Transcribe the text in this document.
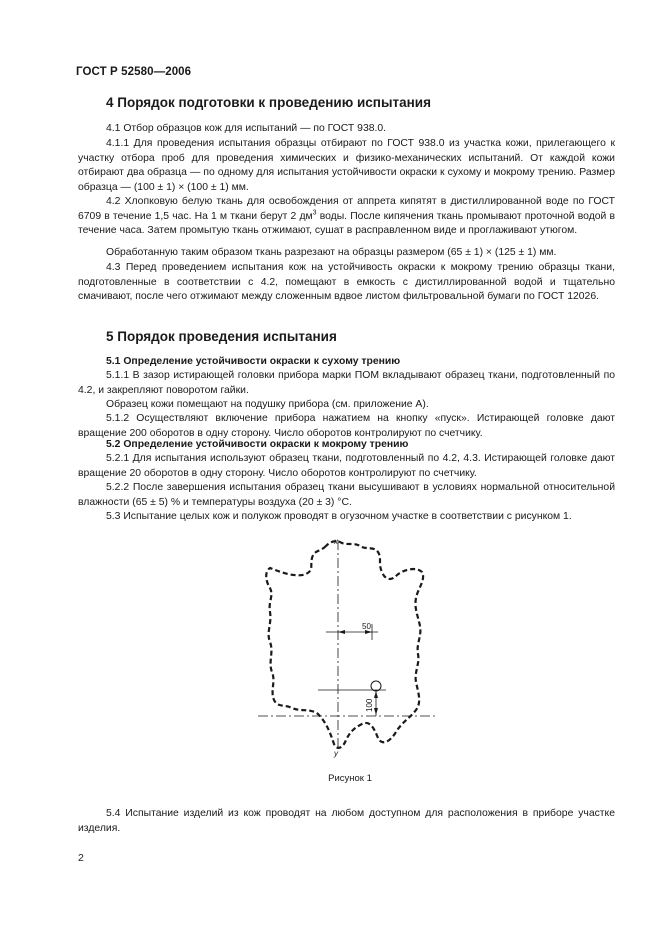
ГОСТ Р 52580—2006
4 Порядок подготовки к проведению испытания

4.1 Отбор образцов кож для испытаний — по ГОСТ 938.0.

4.1.1 Для проведения испытания образцы отбирают по ГОСТ 938.0 из участка кожи, прилегающего к участку отбора проб для проведения химических и физико-механических испытаний. От каждой кожи отбирают два образца — по одному для испытания устойчивости окраски к сухому и мокрому трению. Размер образца — (100 ± 1) × (100 ± 1) мм.

4.2 Хлопковую белую ткань для освобождения от аппрета кипятят в дистиллированной воде по ГОСТ 6709 в течение 1,5 час. На 1 м ткани берут 2 $дм^3$ воды. После кипячения ткань промывают проточной водой в течение часа. Затем промытую ткань отжимают, сушат в расправленном виде и проглаживают утюгом.

Обработанную таким образом ткань разрезают на образцы размером (65 ± 1) × (125 ± 1) мм.

4.3 Перед проведением испытания кож на устойчивость окраски к мокрому трению образцы ткани, подготовленные в соответствии с 4.2, помещают в емкость с дистиллированной водой и тщательно смачивают, после чего отжимают между сложенным вдвое листом фильтровальной бумаги по ГОСТ 12026.

5 Порядок проведения испытания

5.1 Определение устойчивости окраски к сухому трению

5.1.1 В зазор истирающей головки прибора марки ПОМ вкладывают образец ткани, подготовленный по 4.2, и закрепляют поворотом гайки.

Образец кожи помещают на подушку прибора (см. приложение А).

5.1.2 Осуществляют включение прибора нажатием на кнопку «пуск». Истирающей головке дают вращение 200 оборотов в одну сторону. Число оборотов контролируют по счетчику.

5.2 Определение устойчивости окраски к мокрому трению

5.2.1 Для испытания используют образец ткани, подготовленный по 4.2, 4.3. Истирающей головке дают вращение 20 оборотов в одну сторону. Число оборотов контролируют по счетчику.

5.2.2 После завершения испытания образец ткани высушивают в условиях нормальной относительной влажности (65 ± 5) % и температуры воздуха (20 ± 3) °С.

5.3 Испытание целых кож и полукож проводят в огузочном участке в соответствии с рисунком 1.

x
y
50
100
Рисунок 1

5.4 Испытание изделий из кож проводят на любом доступном для расположения в приборе участке изделия.

2
